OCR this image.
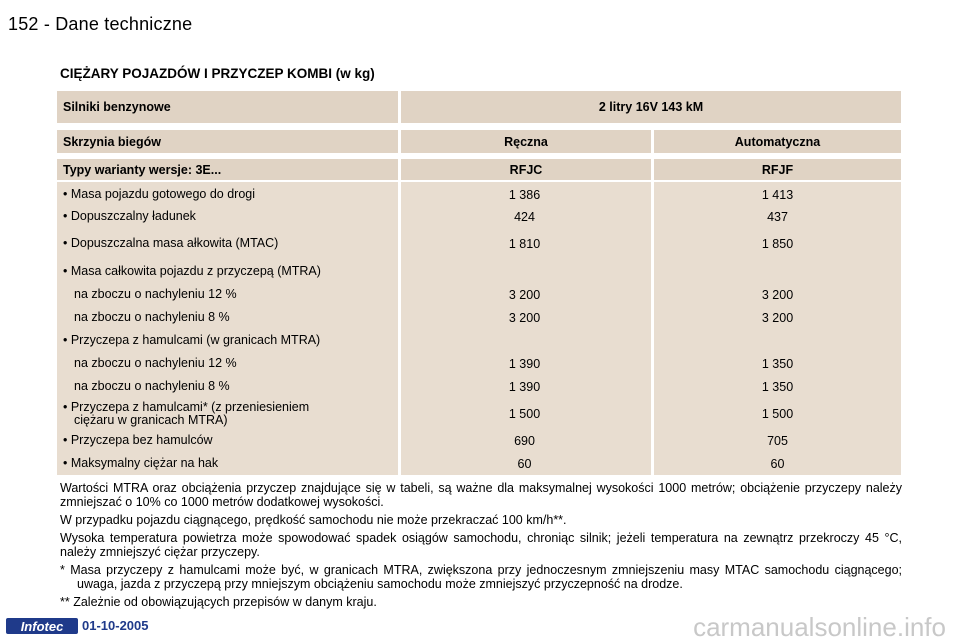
152 - Dane techniczne
CIĘŻARY POJAZDÓW I PRZYCZEP KOMBI (w kg)
Silniki benzynowe	2 litry 16V 143 kM
Skrzynia biegów	Ręczna	Automatyczna
Typy warianty wersje: 3E...	RFJC	RFJF
• Masa pojazdu gotowego do drogi	1 386	1 413
• Dopuszczalny ładunek	424	437
• Dopuszczalna masa ałkowita (MTAC)	1 810	1 850
• Masa całkowita pojazdu z przyczepą (MTRA)
na zboczu o nachyleniu 12 %	3 200	3 200
na zboczu o nachyleniu 8 %	3 200	3 200
• Przyczepa z hamulcami (w granicach MTRA)
na zboczu o nachyleniu 12 %	1 390	1 350
na zboczu o nachyleniu 8 %	1 390	1 350
• Przyczepa z hamulcami* (z przeniesieniem
ciężaru w granicach MTRA)	1 500	1 500
• Przyczepa bez hamulców	690	705
• Maksymalny ciężar na hak	60	60

Wartości MTRA oraz obciążenia przyczep znajdujące się w tabeli, są ważne dla maksymalnej wysokości 1000 metrów; obciążenie przyczepy należy zmniejszać o 10% co 1000 metrów dodatkowej wysokości.

W przypadku pojazdu ciągnącego, prędkość samochodu nie może przekraczać 100 km/h**.

Wysoka temperatura powietrza może spowodować spadek osiągów samochodu, chroniąc silnik; jeżeli temperatura na zewnątrz przekroczy 45 °C, należy zmniejszyć ciężar przyczepy.

* Masa przyczepy z hamulcami może być, w granicach MTRA, zwiększona przy jednoczesnym zmniejszeniu masy MTAC samochodu ciągnącego; uwaga, jazda z przyczepą przy mniejszym obciążeniu samochodu może zmniejszyć przyczepność na drodze.

** Zależnie od obowiązujących przepisów w danym kraju.

Infotec	01-10-2005	carmanualsonline.info
